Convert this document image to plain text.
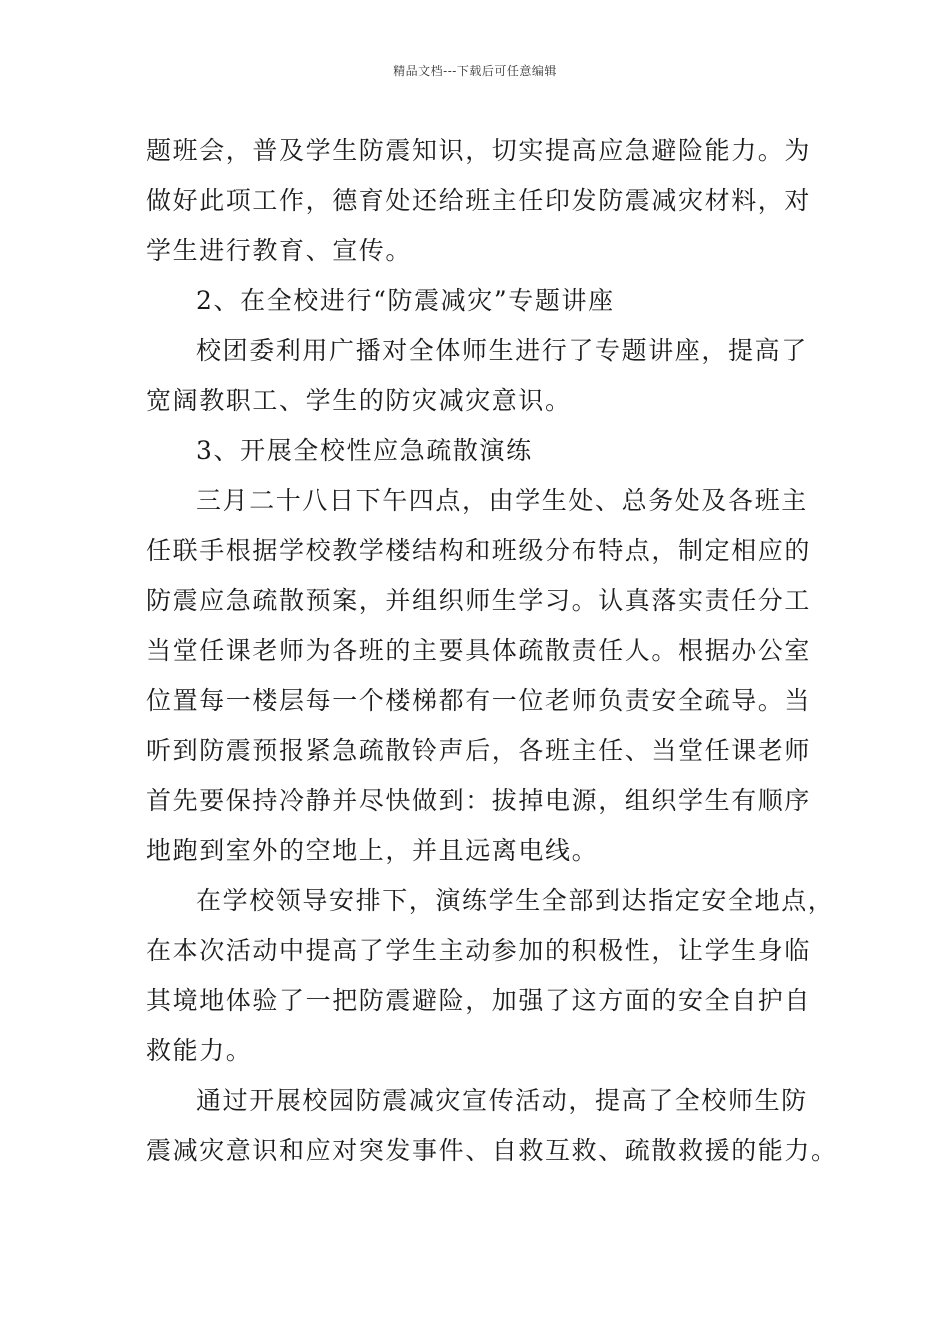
精品文档---下载后可任意编辑
题班会，普及学生防震知识，切实提高应急避险能力。为
做好此项工作，德育处还给班主任印发防震减灾材料，对
学生进行教育、宣传。
2、在全校进行“防震减灾”专题讲座
校团委利用广播对全体师生进行了专题讲座，提高了
宽阔教职工、学生的防灾减灾意识。
3、开展全校性应急疏散演练
三月二十八日下午四点，由学生处、总务处及各班主
任联手根据学校教学楼结构和班级分布特点，制定相应的
防震应急疏散预案，并组织师生学习。认真落实责任分工
当堂任课老师为各班的主要具体疏散责任人。根据办公室
位置每一楼层每一个楼梯都有一位老师负责安全疏导。当
听到防震预报紧急疏散铃声后，各班主任、当堂任课老师
首先要保持冷静并尽快做到：拔掉电源，组织学生有顺序
地跑到室外的空地上，并且远离电线。
在学校领导安排下，演练学生全部到达指定安全地点，
在本次活动中提高了学生主动参加的积极性，让学生身临
其境地体验了一把防震避险，加强了这方面的安全自护自
救能力。
通过开展校园防震减灾宣传活动，提高了全校师生防
震减灾意识和应对突发事件、自救互救、疏散救援的能力。
